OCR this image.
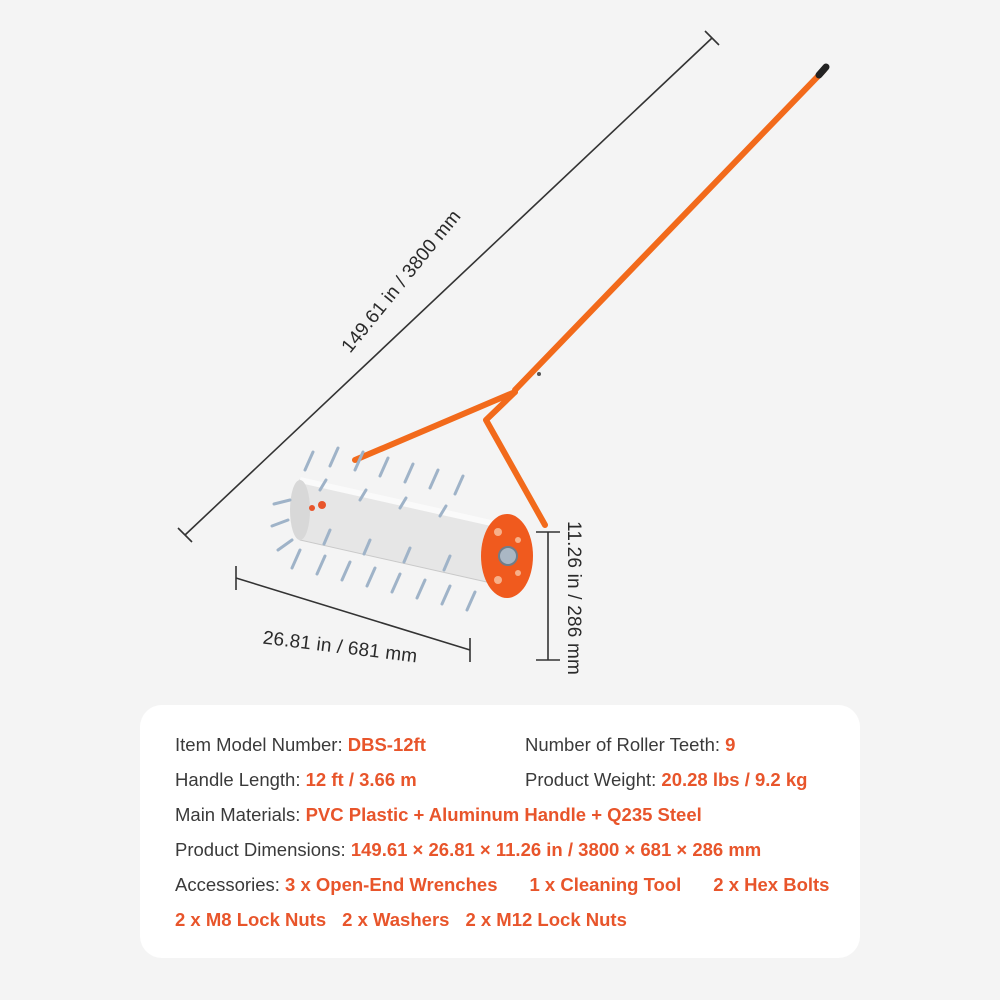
149.61 in / 3800 mm
26.81 in / 681 mm	11.26 in / 286 mm
Item Model Number: DBS-12ft	Number of Roller Teeth: 9
Handle Length: 12 ft / 3.66 m	Product Weight: 20.28 lbs / 9.2 kg
Main Materials: PVC Plastic + Aluminum Handle + Q235 Steel
Product Dimensions: 149.61 × 26.81 × 11.26 in / 3800 × 681 × 286 mm
Accessories: 3 x Open-End Wrenches 1 x Cleaning Tool 2 x Hex Bolts
2 x M8 Lock Nuts 2 x Washers 2 x M12 Lock Nuts
